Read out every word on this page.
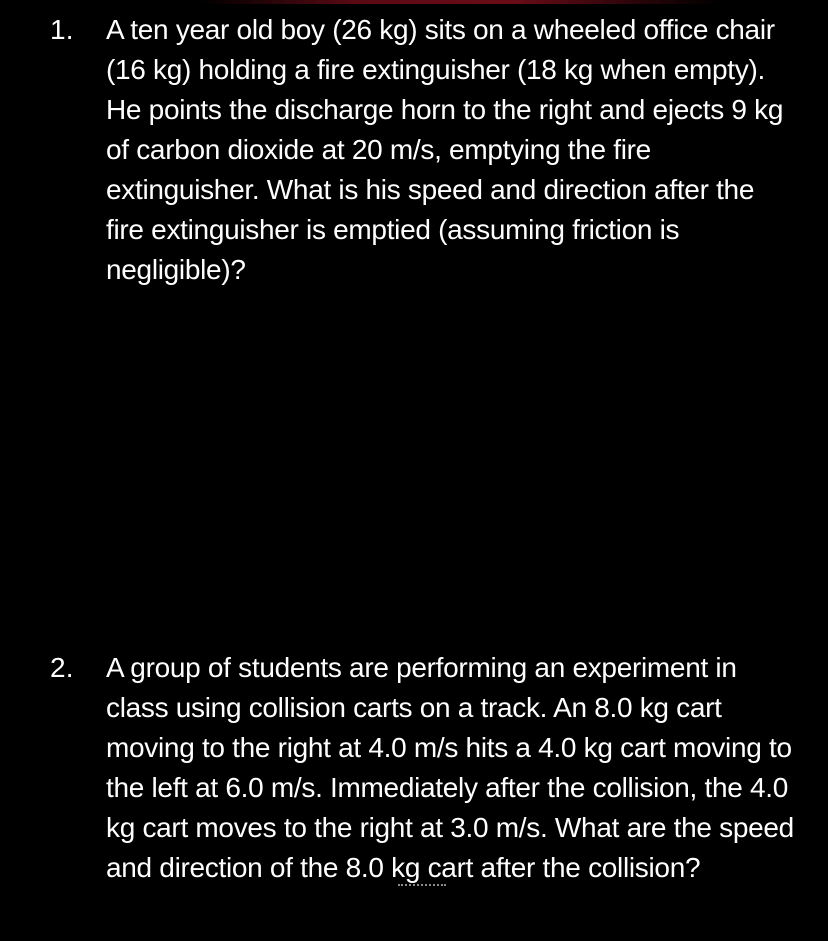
1. A ten year old boy (26 kg) sits on a wheeled office chair (16 kg) holding a fire extinguisher (18 kg when empty). He points the discharge horn to the right and ejects 9 kg of carbon dioxide at 20 m/s, emptying the fire extinguisher. What is his speed and direction after the fire extinguisher is emptied (assuming friction is negligible)?

2. A group of students are performing an experiment in class using collision carts on a track. An 8.0 kg cart moving to the right at 4.0 m/s hits a 4.0 kg cart moving to the left at 6.0 m/s. Immediately after the collision, the 4.0 kg cart moves to the right at 3.0 m/s. What are the speed and direction of the 8.0 kg cart after the collision?
